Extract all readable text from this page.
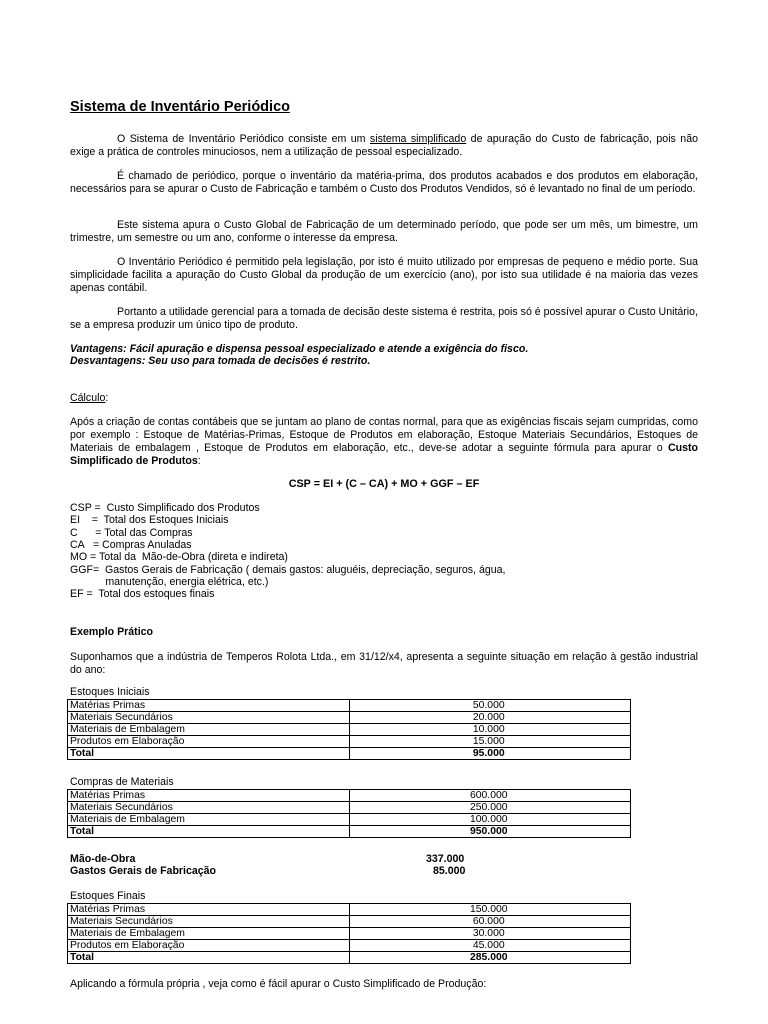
Sistema de Inventário Periódico
O Sistema de Inventário Periódico consiste em um sistema simplificado de apuração do Custo de fabricação, pois não exige a prática de controles minuciosos, nem a utilização de pessoal especializado.
É chamado de periódico, porque o inventário da matéria-prima, dos produtos acabados e dos produtos em elaboração, necessários para se apurar o Custo de Fabricação e também o Custo dos Produtos Vendidos, só é levantado no final de um período.
Este sistema apura o Custo Global de Fabricação de um determinado período, que pode ser um mês, um bimestre, um trimestre, um semestre ou um ano, conforme o interesse da empresa.
O Inventário Periódico é permitido pela legislação, por isto é muito utilizado por empresas de pequeno e médio porte. Sua simplicidade facilita a apuração do Custo Global da produção de um exercício (ano), por isto sua utilidade é na maioria das vezes apenas contábil.
Portanto a utilidade gerencial para a tomada de decisão deste sistema é restrita, pois só é possível apurar o Custo Unitário, se a empresa produzir um único tipo de produto.
Vantagens: Fácil apuração e dispensa pessoal especializado e atende a exigência do fisco.
Desvantagens: Seu uso para tomada de decisões é restrito.
Cálculo:
Após a criação de contas contábeis que se juntam ao plano de contas normal, para que as exigências fiscais sejam cumpridas, como por exemplo : Estoque de Matérias-Primas, Estoque de Produtos em elaboração, Estoque Materiais Secundários, Estoques de Materiais de embalagem , Estoque de Produtos em elaboração, etc., deve-se adotar a seguinte fórmula para apurar o Custo Simplificado de Produtos:
CSP = EI + (C – CA) + MO + GGF – EF
CSP =  Custo Simplificado dos Produtos
EI    =  Total dos Estoques Iniciais
C      = Total das Compras
CA   = Compras Anuladas
MO = Total da  Mão-de-Obra (direta e indireta)
GGF=  Gastos Gerais de Fabricação ( demais gastos: aluguéis, depreciação, seguros, água,
manutenção, energia elétrica, etc.)
EF =  Total dos estoques finais
Exemplo Prático
Suponhamos que a indústria de Temperos Rolota Ltda., em 31/12/x4, apresenta a seguinte situação em relação à gestão industrial do ano:
Estoques Iniciais
Matérias Primas	50.000
Materiais Secundários	20.000
Materiais de Embalagem	10.000
Produtos em Elaboração	15.000
Total	95.000
Compras de Materiais
Matérias Primas	600.000
Materiais Secundários	250.000
Materiais de Embalagem	100.000
Total	950.000
Mão-de-Obra	337.000
Gastos Gerais de Fabricação	85.000
Estoques Finais
Matérias Primas	150.000
Materiais Secundários	60.000
Materiais de Embalagem	30.000
Produtos em Elaboração	45.000
Total	285.000
Aplicando a fórmula própria , veja como é fácil apurar o Custo Simplificado de Produção:
